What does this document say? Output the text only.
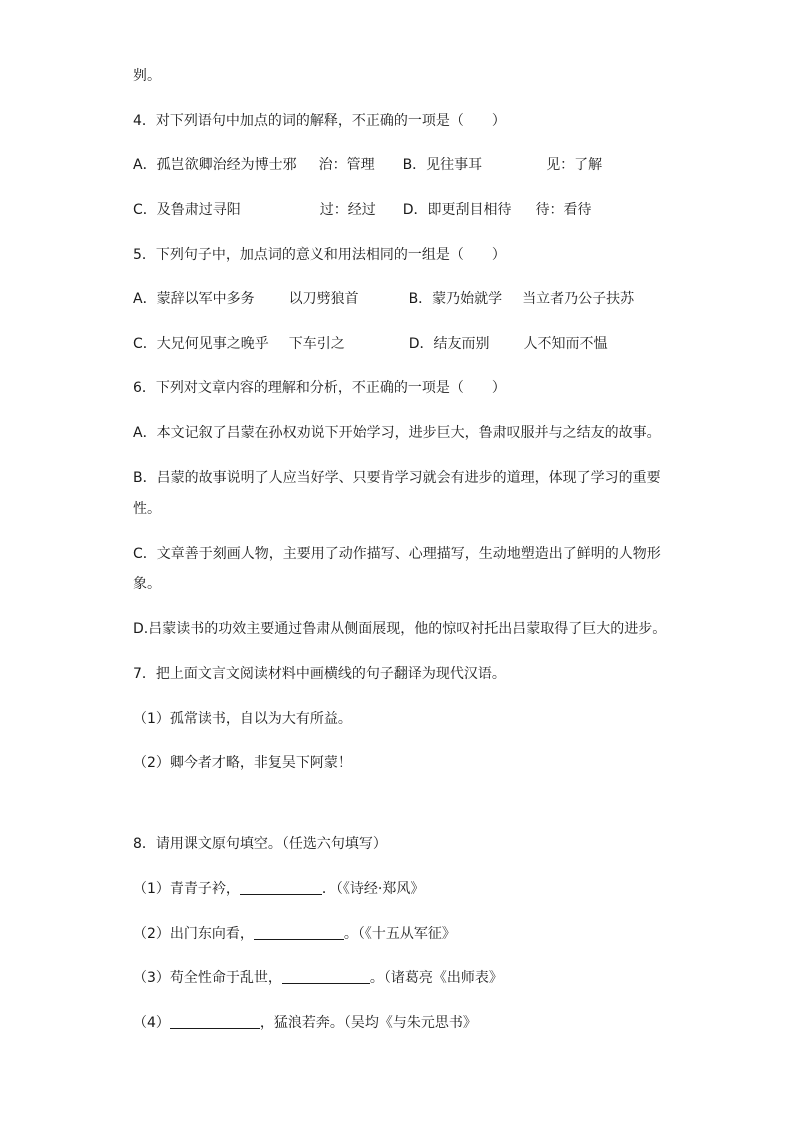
刿。
4．对下列语句中加点的词的解释，不正确的一项是（　　）
A．孤岂欲卿治经为博士邪 治：管理 B．见往事耳	见：了解
C．及鲁肃过寻阳	过：经过 D．即更刮目相待 待：看待
5．下列句子中，加点词的意义和用法相同的一组是（　　）
A．蒙辞以军中多务 以刀劈狼首	B．蒙乃始就学 当立者乃公子扶苏
C．大兄何见事之晚乎 下车引之	D．结友而别 人不知而不愠
6．下列对文章内容的理解和分析，不正确的一项是（　　）
A．本文记叙了吕蒙在孙权劝说下开始学习，进步巨大，鲁肃叹服并与之结友的故事。
B．吕蒙的故事说明了人应当好学、只要肯学习就会有进步的道理，体现了学习的重要
性。
C．文章善于刻画人物，主要用了动作描写、心理描写，生动地塑造出了鲜明的人物形
象。
D.吕蒙读书的功效主要通过鲁肃从侧面展现，他的惊叹衬托出吕蒙取得了巨大的进步。
7．把上面文言文阅读材料中画横线的句子翻译为现代汉语。
（1）孤常读书，自以为大有所益。
（2）卿今者才略，非复吴下阿蒙！
8．请用课文原句填空。（任选六句填写）
（1）青青子衿，	．（《诗经·郑风》
（2）出门东向看，	。（《十五从军征》
（3）苟全性命于乱世，	。（诸葛亮《出师表》
（4）	，猛浪若奔。（吴均《与朱元思书》
